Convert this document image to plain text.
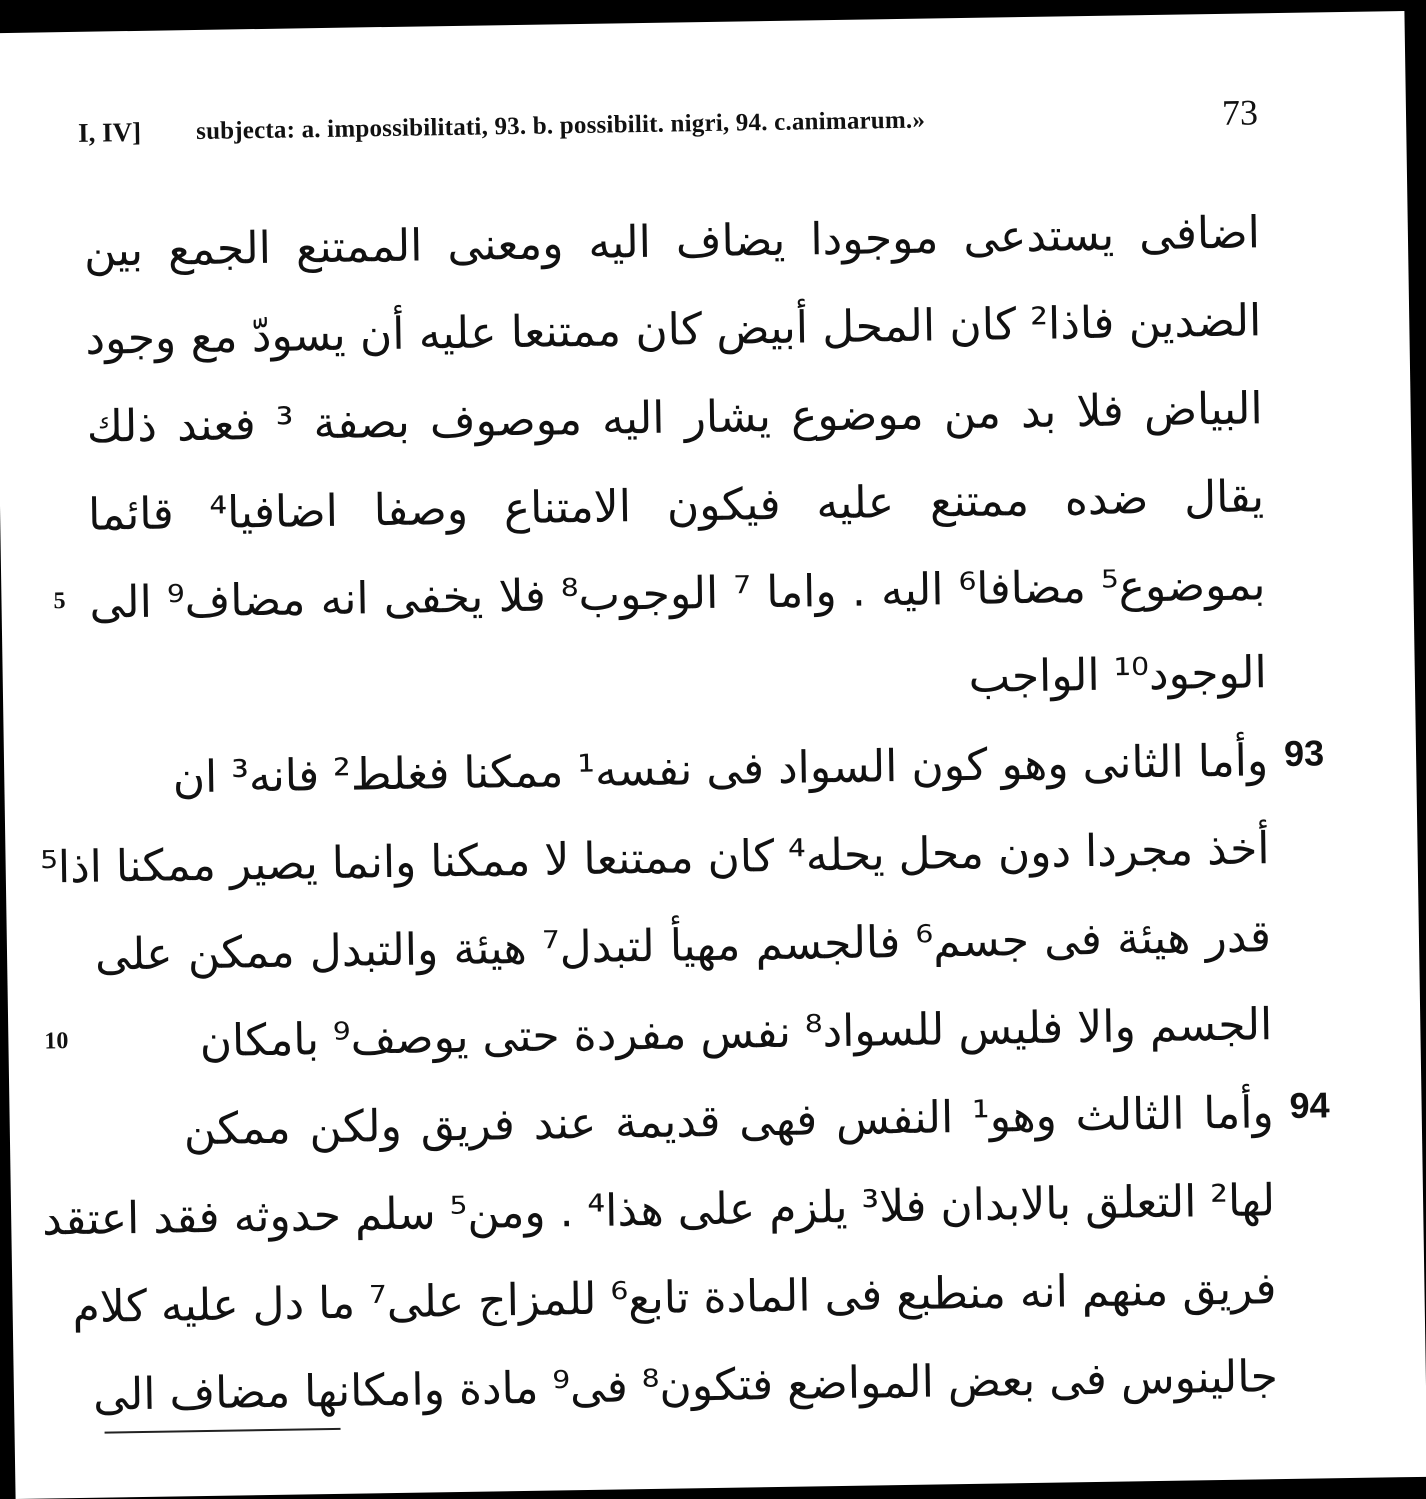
I, IV] subjecta: a. impossibilitati, 93. b. possibilit. nigri, 94. c.animarum.»	73
اضافى يستدعى موجودا يضاف اليه ومعنى الممتنع الجمع بين
الضدين فاذا² كان المحل أبيض كان ممتنعا عليه أن يسودّ مع وجود
البياض فلا بد من موضوع يشار اليه موصوف بصفة ³ فعند ذلك
يقال ضده ممتنع عليه فيكون الامتناع وصفا اضافيا⁴ قائما
بموضوع⁵ مضافا⁶ اليه . واما ⁷ الوجوب⁸ فلا يخفى انه مضاف⁹ الى
الوجود¹⁰ الواجب
وأما الثانى وهو كون السواد فى نفسه¹ ممكنا فغلط² فانه³ ان
أخذ مجردا دون محل يحله⁴ كان ممتنعا لا ممكنا وانما يصير ممكنا اذا⁵
قدر هيئة فى جسم⁶ فالجسم مهيأ لتبدل⁷ هيئة والتبدل ممكن على
الجسم والا فليس للسواد⁸ نفس مفردة حتى يوصف⁹ بامكان
وأما الثالث وهو¹ النفس فهى قديمة عند فريق ولكن ممكن
لها² التعلق بالابدان فلا³ يلزم على هذا⁴ . ومن⁵ سلم حدوثه فقد اعتقد
فريق منهم انه منطبع فى المادة تابع⁶ للمزاج على⁷ ما دل عليه كلام
جالينوس فى بعض المواضع فتكون⁸ فى⁹ مادة وامكانها مضاف الى
93
94
5
10
